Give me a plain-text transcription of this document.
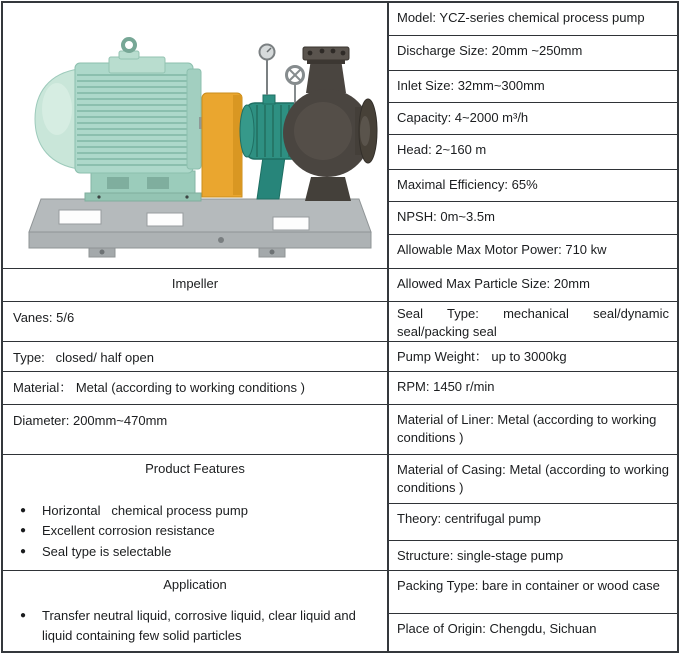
Impeller
Vanes: 5/6
Type:   closed/ half open
Material： Metal (according to working conditions )
Diameter: 200mm~470mm
Product Features
●	Horizontal   chemical process pump
●	Excellent corrosion resistance
●	Seal type is selectable
Application
●	Transfer neutral liquid, corrosive liquid, clear liquid and liquid containing few solid particles
Model: YCZ-series chemical process pump
Discharge Size: 20mm ~250mm
Inlet Size: 32mm~300mm
Capacity: 4~2000 m³/h
Head: 2~160 m
Maximal Efficiency: 65%
NPSH: 0m~3.5m
Allowable Max Motor Power: 710 kw
Allowed Max Particle Size: 20mm
Seal Type: mechanical seal/dynamic seal/packing seal
Pump Weight： up to 3000kg
RPM: 1450 r/min
Material of Liner: Metal (according to working conditions )
Material of Casing: Metal (according to working conditions )
Theory: centrifugal pump
Structure: single-stage pump
Packing Type: bare in container or wood case
Place of Origin: Chengdu, Sichuan
